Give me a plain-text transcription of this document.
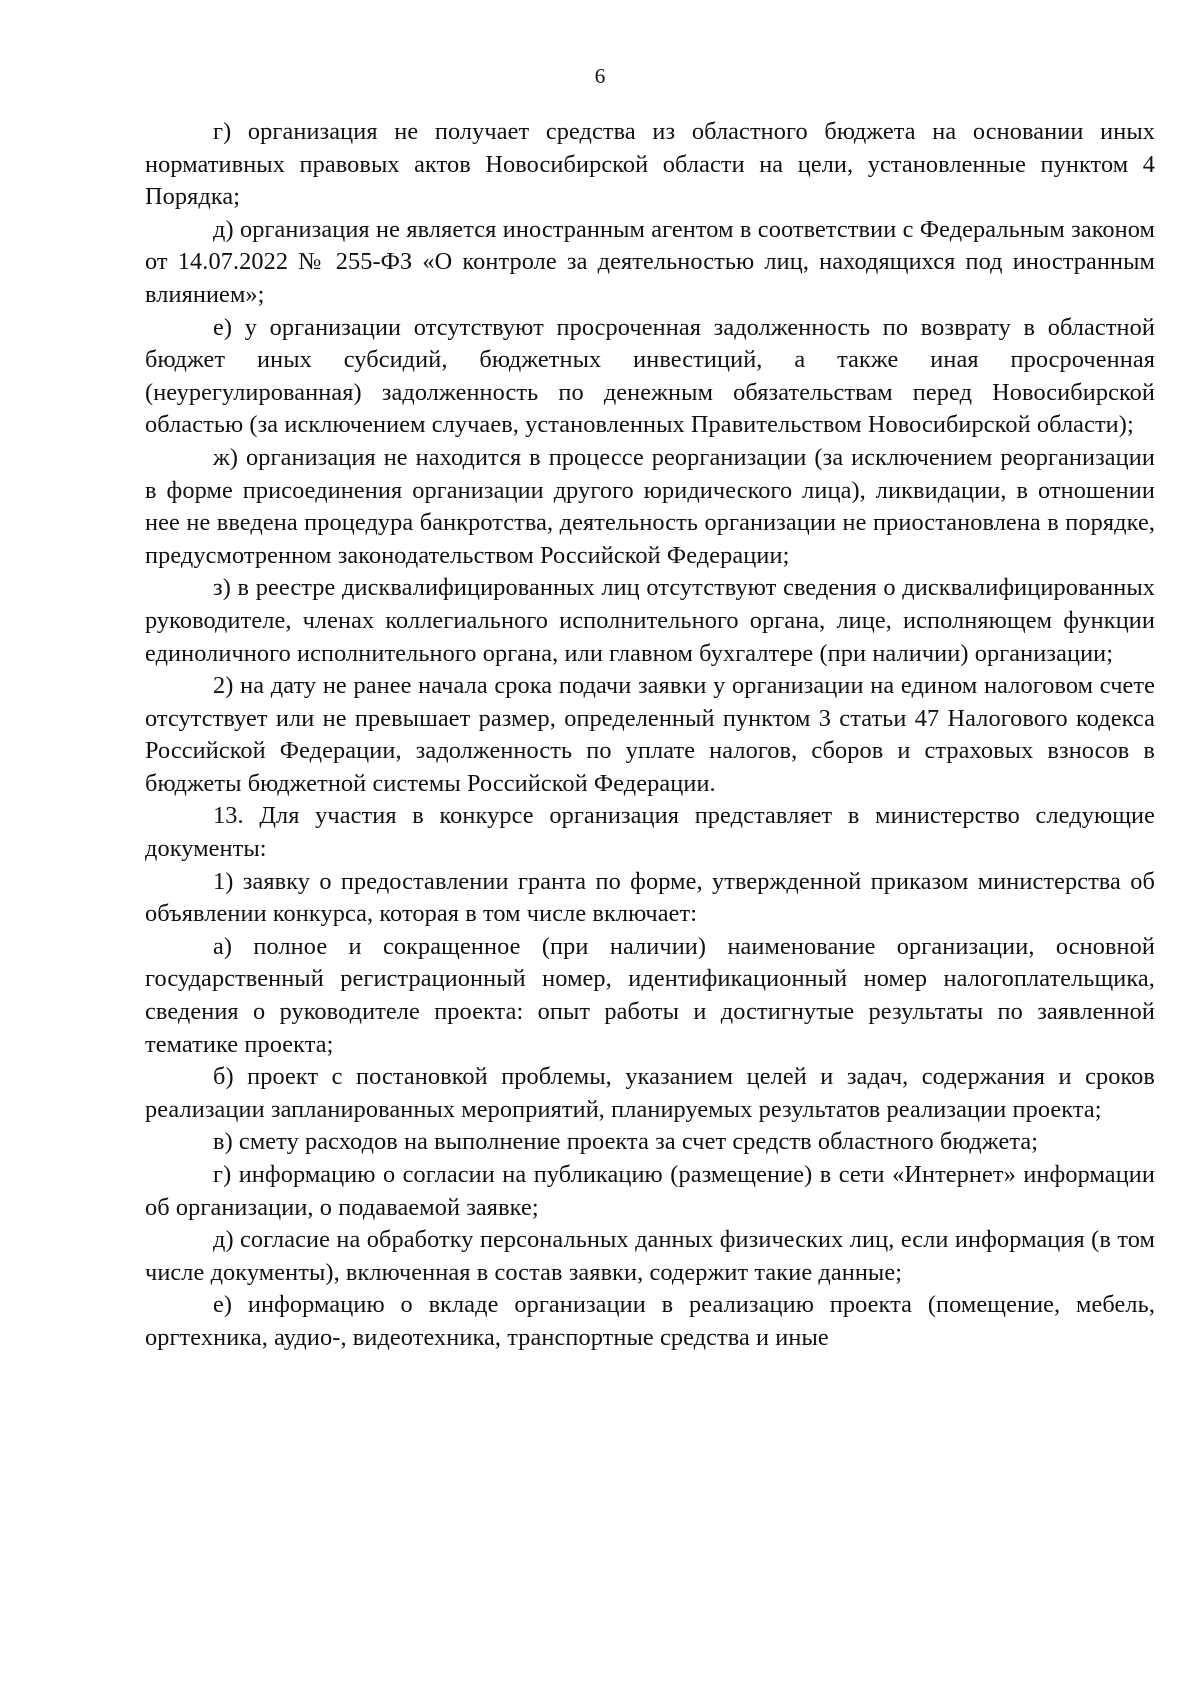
6

г) организация не получает средства из областного бюджета на основании иных нормативных правовых актов Новосибирской области на цели, установленные пунктом 4 Порядка;

д) организация не является иностранным агентом в соответствии с Федеральным законом от 14.07.2022 № 255-ФЗ «О контроле за деятельностью лиц, находящихся под иностранным влиянием»;

е) у организации отсутствуют просроченная задолженность по возврату в областной бюджет иных субсидий, бюджетных инвестиций, а также иная просроченная (неурегулированная) задолженность по денежным обязательствам перед Новосибирской областью (за исключением случаев, установленных Правительством Новосибирской области);

ж) организация не находится в процессе реорганизации (за исключением реорганизации в форме присоединения организации другого юридического лица), ликвидации, в отношении нее не введена процедура банкротства, деятельность организации не приостановлена в порядке, предусмотренном законодательством Российской Федерации;

з) в реестре дисквалифицированных лиц отсутствуют сведения о дисквалифицированных руководителе, членах коллегиального исполнительного органа, лице, исполняющем функции единоличного исполнительного органа, или главном бухгалтере (при наличии) организации;

2) на дату не ранее начала срока подачи заявки у организации на едином налоговом счете отсутствует или не превышает размер, определенный пунктом 3 статьи 47 Налогового кодекса Российской Федерации, задолженность по уплате налогов, сборов и страховых взносов в бюджеты бюджетной системы Российской Федерации.

13. Для участия в конкурсе организация представляет в министерство следующие документы:

1) заявку о предоставлении гранта по форме, утвержденной приказом министерства об объявлении конкурса, которая в том числе включает:

а) полное и сокращенное (при наличии) наименование организации, основной государственный регистрационный номер, идентификационный номер налогоплательщика, сведения о руководителе проекта: опыт работы и достигнутые результаты по заявленной тематике проекта;

б) проект с постановкой проблемы, указанием целей и задач, содержания и сроков реализации запланированных мероприятий, планируемых результатов реализации проекта;

в) смету расходов на выполнение проекта за счет средств областного бюджета;

г) информацию о согласии на публикацию (размещение) в сети «Интернет» информации об организации, о подаваемой заявке;

д) согласие на обработку персональных данных физических лиц, если информация (в том числе документы), включенная в состав заявки, содержит такие данные;

е) информацию о вкладе организации в реализацию проекта (помещение, мебель, оргтехника, аудио-, видеотехника, транспортные средства и иные
